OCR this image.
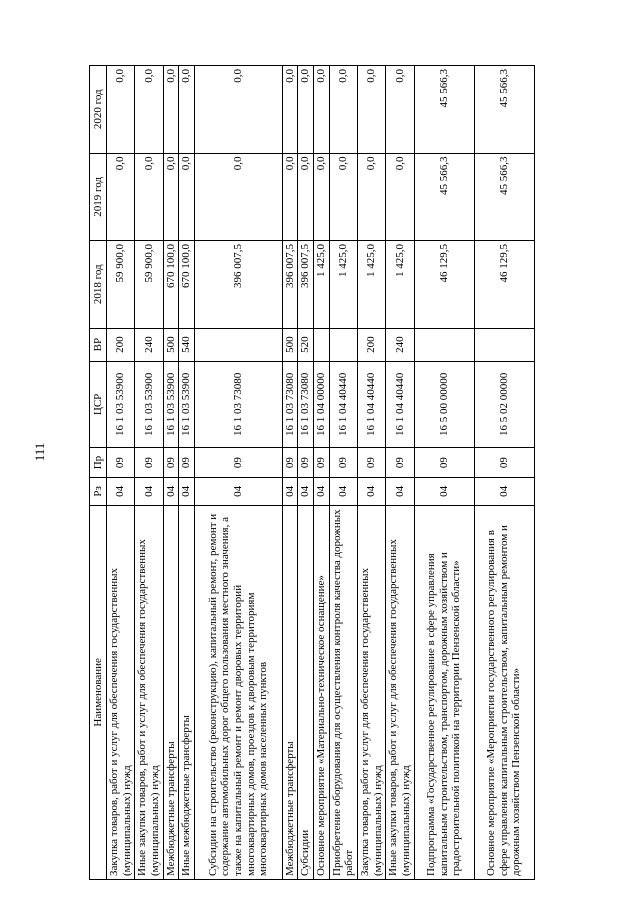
111
Наименование	Рз	Пр	ЦСР	ВР	2018 год	2019 год	2020 год
Закупка товаров, работ и услуг для обеспечения государственных (муниципальных) нужд	04	09	16 1 03 53900	200	59 900,0	0,0	0,0
Иные закупки товаров, работ и услуг для обеспечения государственных (муниципальных) нужд	04	09	16 1 03 53900	240	59 900,0	0,0	0,0
Межбюджетные трансферты	04	09	16 1 03 53900	500	670 100,0	0,0	0,0
Иные межбюджетные трансферты	04	09	16 1 03 53900	540	670 100,0	0,0	0,0
Субсидии на строительство (реконструкцию), капитальный ремонт, ремонт и содержание автомобильных дорог общего пользования местного значения, а также на капитальный ремонт и ремонт дворовых территорий многоквартирных домов, проездов к дворовым территориям многоквартирных домов населенных пунктов	04	09	16 1 03 73080		396 007,5	0,0	0,0
Межбюджетные трансферты	04	09	16 1 03 73080	500	396 007,5	0,0	0,0
Субсидии	04	09	16 1 03 73080	520	396 007,5	0,0	0,0
Основное мероприятие «Материально-техническое оснащение»	04	09	16 1 04 00000		1 425,0	0,0	0,0
Приобретение оборудования для осуществления контроля качества дорожных работ	04	09	16 1 04 40440		1 425,0	0,0	0,0
Закупка товаров, работ и услуг для обеспечения государственных (муниципальных) нужд	04	09	16 1 04 40440	200	1 425,0	0,0	0,0
Иные закупки товаров, работ и услуг для обеспечения государственных (муниципальных) нужд	04	09	16 1 04 40440	240	1 425,0	0,0	0,0
Подпрограмма «Государственное регулирование в сфере управления капитальным строительством, транспортом, дорожным хозяйством и градостроительной политикой на территории Пензенской области»	04	09	16 5 00 00000		46 129,5	45 566,3	45 566,3
Основное мероприятие «Мероприятия государственного регулирования в сфере управления капитальным строительством, капитальным ремонтом и дорожным хозяйством Пензенской области»	04	09	16 5 02 00000		46 129,5	45 566,3	45 566,3
